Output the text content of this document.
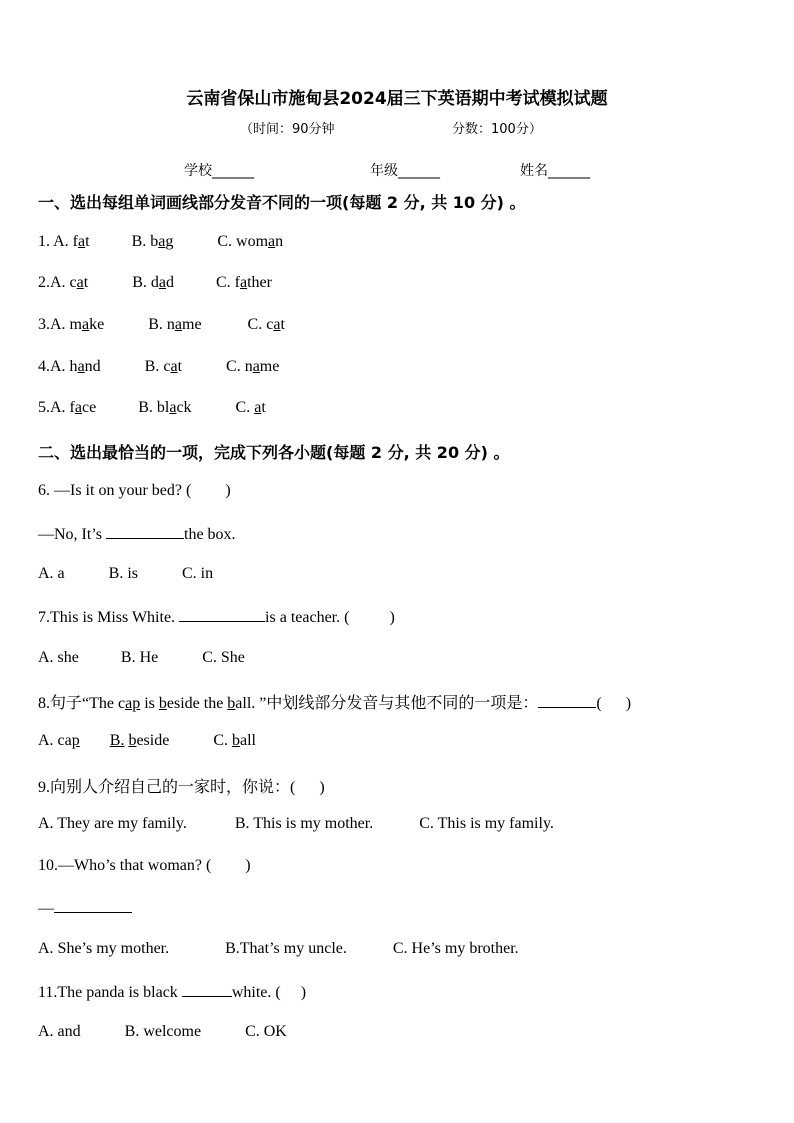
云南省保山市施甸县2024届三下英语期中考试模拟试题
（时间：90分钟	分数：100分）
学校______	年级______	姓名______
一、选出每组单词画线部分发音不同的一项(每题 2 分, 共 10 分) 。
1. A. fat	B. bag	C. woman
2.A. cat	B. dad	C. father
3.A. make	B. name	C. cat
4.A. hand	B. cat	C. name
5.A. face	B. black	C. at
二、选出最恰当的一项，完成下列各小题(每题 2 分, 共 20 分) 。
6. —Is it on your bed? ( )
—No, It’s	the box.
A. a	B. is	C. in
7.This is Miss White.	is a teacher. (	)
A. she	B. He	C. She
8.句子“The cap is beside the ball. ”中划线部分发音与其他不同的一项是：	( )
A. cap B. beside	C. ball
9.向别人介绍自己的一家时，你说：( )
A. They are my family.	B. This is my mother.	C. This is my family.
10.—Who’s that woman? ( )
—
A. She’s my mother.	B.That’s my uncle.	C. He’s my brother.
11.The panda is black	white. ( )
A. and	B. welcome	C. OK
